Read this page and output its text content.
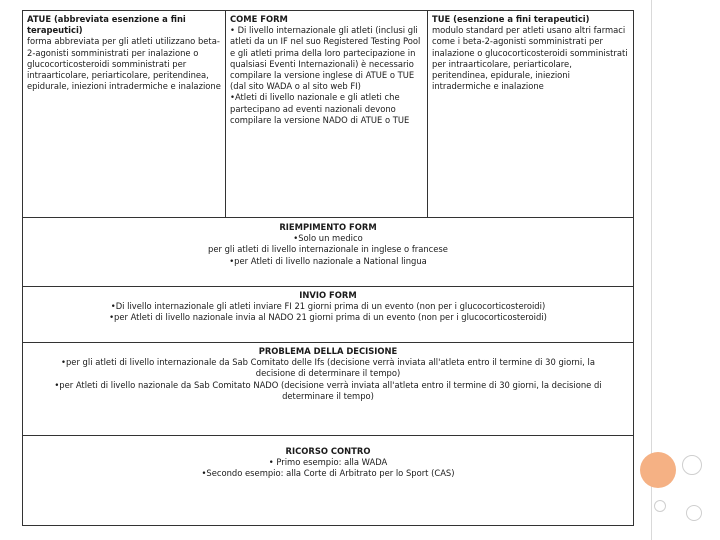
ATUE (abbreviata esenzione a fini terapeutici)
forma abbreviata per gli atleti utilizzano beta-2-agonisti somministrati per inalazione o glucocorticosteroidi somministrati per intraarticolare, periarticolare, peritendinea, epidurale, iniezioni intradermiche e inalazione
COME FORM
• Di livello internazionale gli atleti (inclusi gli atleti da un IF nel suo Registered Testing Pool e gli atleti prima della loro partecipazione in qualsiasi Eventi Internazionali) è necessario compilare la versione inglese di ATUE o TUE (dal sito WADA o al sito web FI)
•Atleti di livello nazionale e gli atleti che partecipano ad eventi nazionali devono compilare la versione NADO di ATUE o TUE
TUE (esenzione a fini terapeutici)
modulo standard per atleti usano altri farmaci come i beta-2-agonisti somministrati per inalazione o glucocorticosteroidi somministrati per intraarticolare, periarticolare, peritendinea, epidurale, iniezioni intradermiche e inalazione
RIEMPIMENTO FORM
•Solo un medico
per gli atleti di livello internazionale in inglese o francese
•per Atleti di livello nazionale a National lingua
INVIO FORM
•Di livello internazionale gli atleti inviare FI 21 giorni prima di un evento (non per i glucocorticosteroidi)
•per Atleti di livello nazionale invia al NADO 21 giorni prima di un evento (non per i glucocorticosteroidi)
PROBLEMA DELLA DECISIONE
•per gli atleti di livello internazionale da Sab Comitato delle Ifs (decisione verrà inviata all'atleta entro il termine di 30 giorni, la decisione di determinare il tempo)
•per Atleti di livello nazionale da Sab Comitato NADO (decisione verrà inviata all'atleta entro il termine di 30 giorni, la decisione di determinare il tempo)
RICORSO CONTRO
• Primo esempio: alla WADA
•Secondo esempio: alla Corte di Arbitrato per lo Sport (CAS)
